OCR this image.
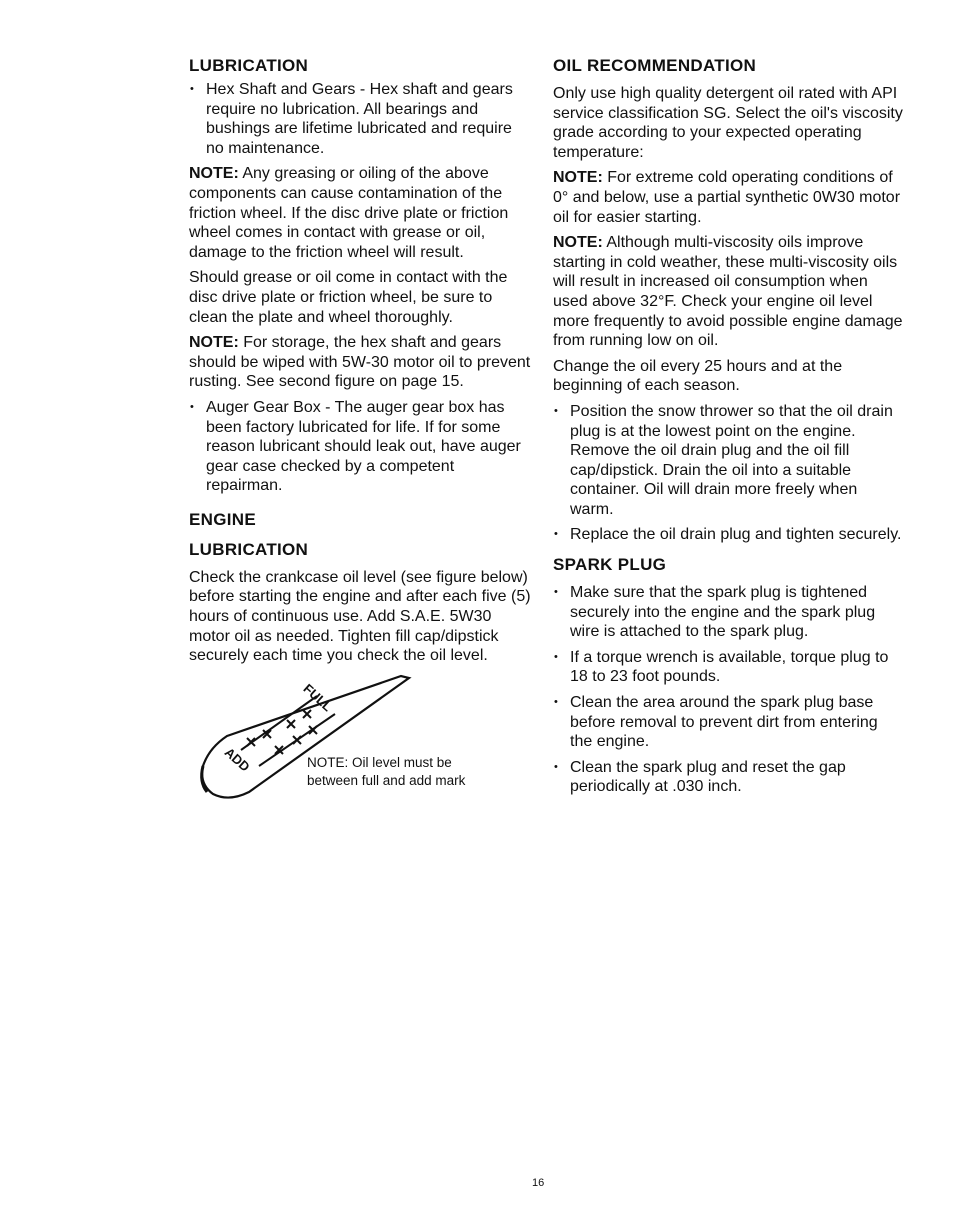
LUBRICATION
• Hex Shaft and Gears - Hex shaft and gears require no lubrication. All bearings and bushings are lifetime lubricated and require no maintenance.

NOTE: Any greasing or oiling of the above components can cause contamination of the friction wheel. If the disc drive plate or friction wheel comes in contact with grease or oil, damage to the friction wheel will result.

Should grease or oil come in contact with the disc drive plate or friction wheel, be sure to clean the plate and wheel thoroughly.

NOTE: For storage, the hex shaft and gears should be wiped with 5W-30 motor oil to prevent rusting. See second figure on page 15.

• Auger Gear Box - The auger gear box has been factory lubricated for life. If for some reason lubricant should leak out, have auger gear case checked by a competent repairman.
ENGINE
LUBRICATION

Check the crankcase oil level (see figure below) before starting the engine and after each five (5) hours of continuous use. Add S.A.E. 5W30 motor oil as needed. Tighten fill cap/dipstick securely each time you check the oil level.

ADD
FULL
NOTE: Oil level must be
between full and add mark
OIL RECOMMENDATION

Only use high quality detergent oil rated with API service classification SG. Select the oil's viscosity grade according to your expected operating temperature:

NOTE: For extreme cold operating conditions of 0° and below, use a partial synthetic 0W30 motor oil for easier starting.

NOTE: Although multi-viscosity oils improve starting in cold weather, these multi-viscosity oils will result in increased oil consumption when used above 32°F. Check your engine oil level more frequently to avoid possible engine damage from running low on oil.

Change the oil every 25 hours and at the beginning of each season.

• Position the snow thrower so that the oil drain plug is at the lowest point on the engine. Remove the oil drain plug and the oil fill cap/dipstick. Drain the oil into a suitable container. Oil will drain more freely when warm.
• Replace the oil drain plug and tighten securely.
SPARK PLUG
• Make sure that the spark plug is tightened securely into the engine and the spark plug wire is attached to the spark plug.
• If a torque wrench is available, torque plug to 18 to 23 foot pounds.
• Clean the area around the spark plug base before removal to prevent dirt from entering the engine.
• Clean the spark plug and reset the gap periodically at .030 inch.
16
